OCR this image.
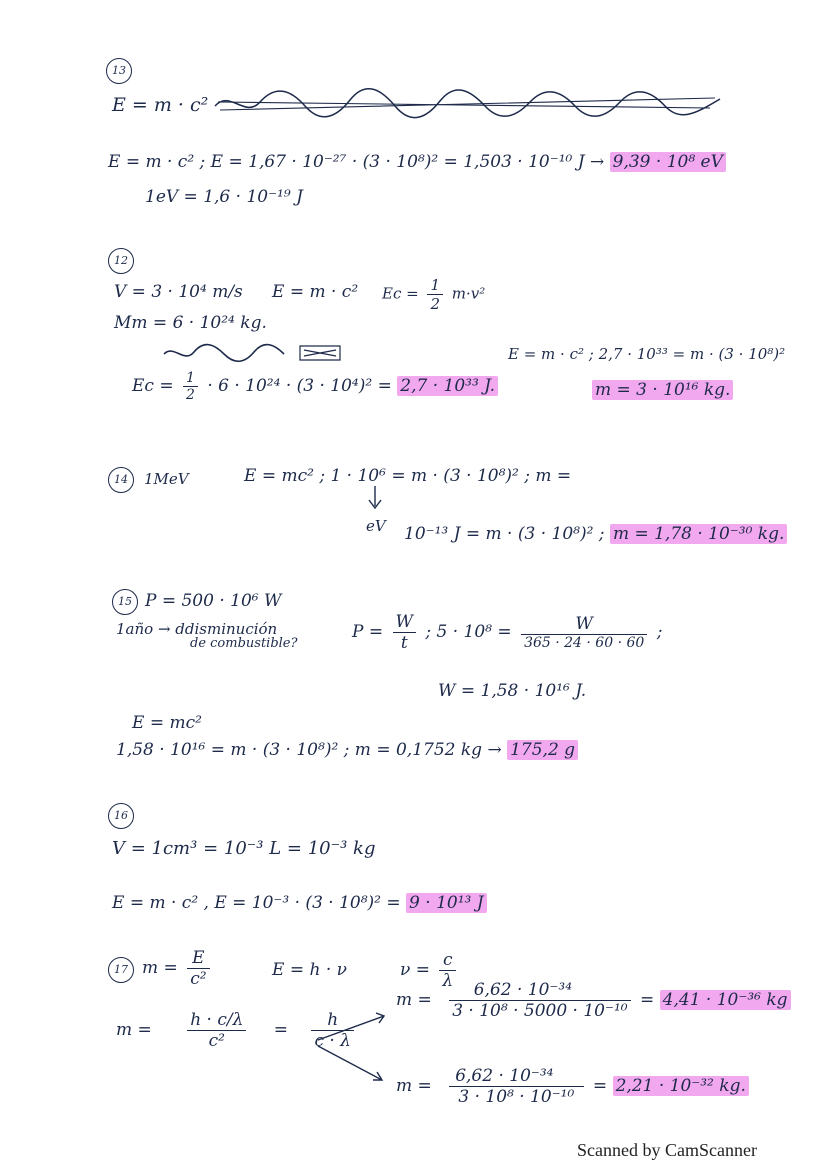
13
E = m · c²
E = m · c² ; E = 1,67 · 10⁻²⁷ · (3 · 10⁸)² = 1,503 · 10⁻¹⁰ J → 9,39 · 10⁸ eV
1eV = 1,6 · 10⁻¹⁹ J
12
V = 3 · 10⁴ m/s
Mт = 6 · 10²⁴ kg.
E = m · c² $Ec = \frac{1}{2} m\cdot v^2$
$Ec = \frac{1}{2} \cdot 6 \cdot 10^{24} \cdot (3 \cdot 10^4)^2 = 2,7 \cdot 10^{33}$ J.
E = m · c² ; 2,7 · 10³³ = m · (3 · 10⁸)²
m = 3 · 10¹⁶ kg.
14	1MeV	E = mc² ; 1 · 10⁶ = m · (3 · 10⁸)² ; m =
eV 10⁻¹³ J = m · (3 · 10⁸)² ; m = 1,78 · 10⁻³⁰ kg.
15 P = 500 · 10⁶ W
1año → ddisminución
de combustible?
$P = \frac{W}{t}$ ; $5 \cdot 10^8 = \frac{W}{365 \cdot 24 \cdot 60 \cdot 60}$ ;
W = 1,58 · 10¹⁶ J.
E = mc²
1,58 · 10¹⁶ = m · (3 · 10⁸)² ; m = 0,1752 kg → 175,2 g
16
V = 1cm³ = 10⁻³ L = 10⁻³ kg
E = m · c² , E = 10⁻³ · (3 · 10⁸)² = 9 · 10¹³ J
17 $m = \frac{E}{\text{c²}}$	E = h · ν	$\nu = \frac{c}{\lambda}$
$m = \frac{h \cdot c/\lambda}{\text{c²}} = \frac{h}{c \cdot \lambda}$
$m = \frac{\text{6,62 · 10⁻³⁴}}{\text{3 · 10⁸ · 5000 · 10⁻¹⁰}} = 4,41 \cdot 10^{-36}$ kg
$m = \frac{\text{6,62 · 10⁻³⁴}}{\text{3 · 10⁸ · 10⁻¹⁰}} = 2,21 \cdot 10^{-32}$ kg.
Scanned by CamScanner
